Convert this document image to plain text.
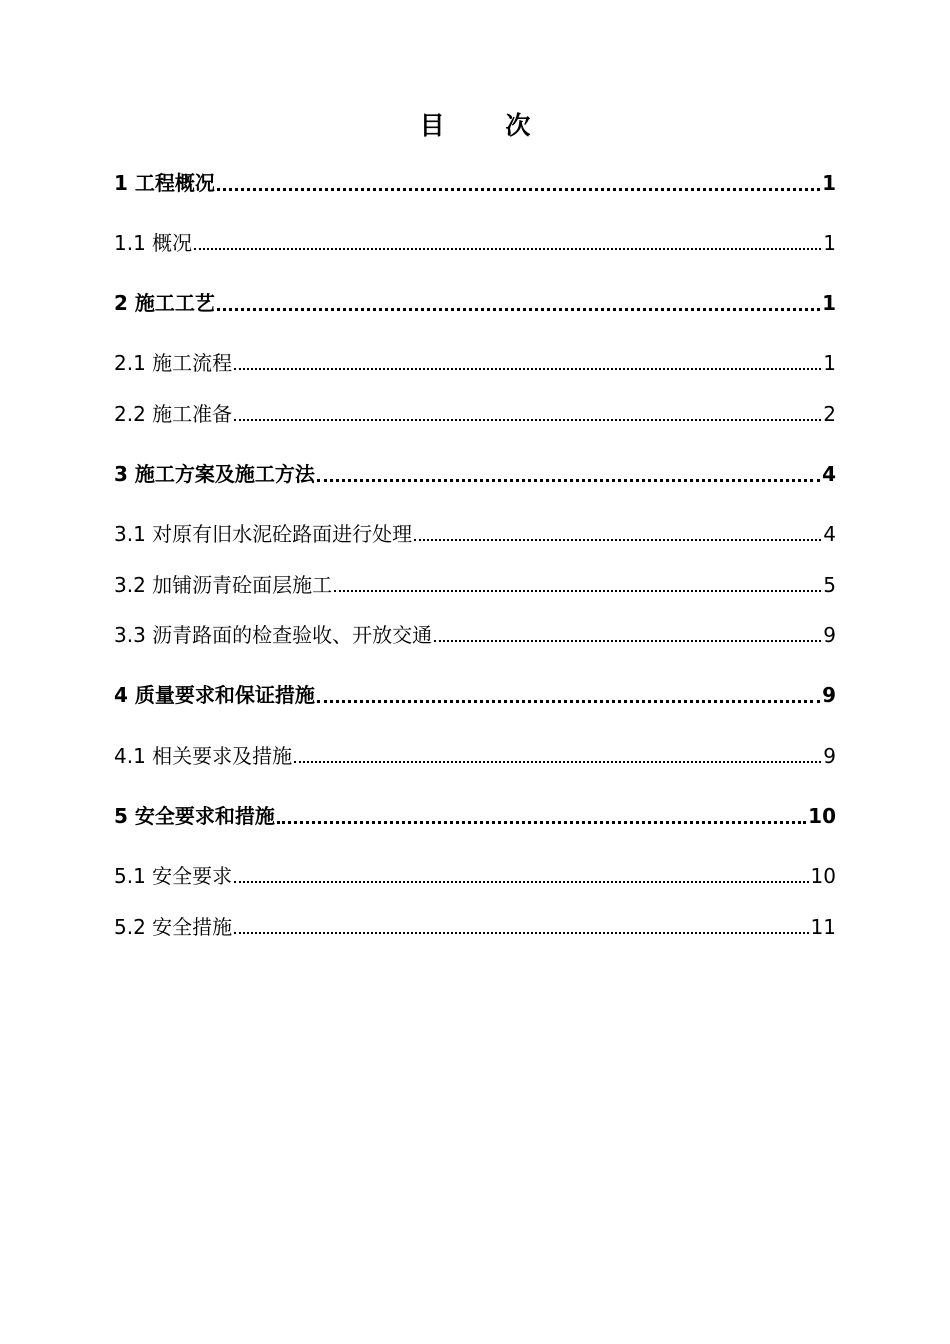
目 次
1 工程概况	1
1.1 概况	1
2 施工工艺	1
2.1 施工流程	1
2.2 施工准备	2
3 施工方案及施工方法	4
3.1 对原有旧水泥砼路面进行处理	4
3.2 加铺沥青砼面层施工	5
3.3 沥青路面的检查验收、开放交通	9
4 质量要求和保证措施	9
4.1 相关要求及措施	9
5 安全要求和措施	10
5.1 安全要求	10
5.2 安全措施	11
